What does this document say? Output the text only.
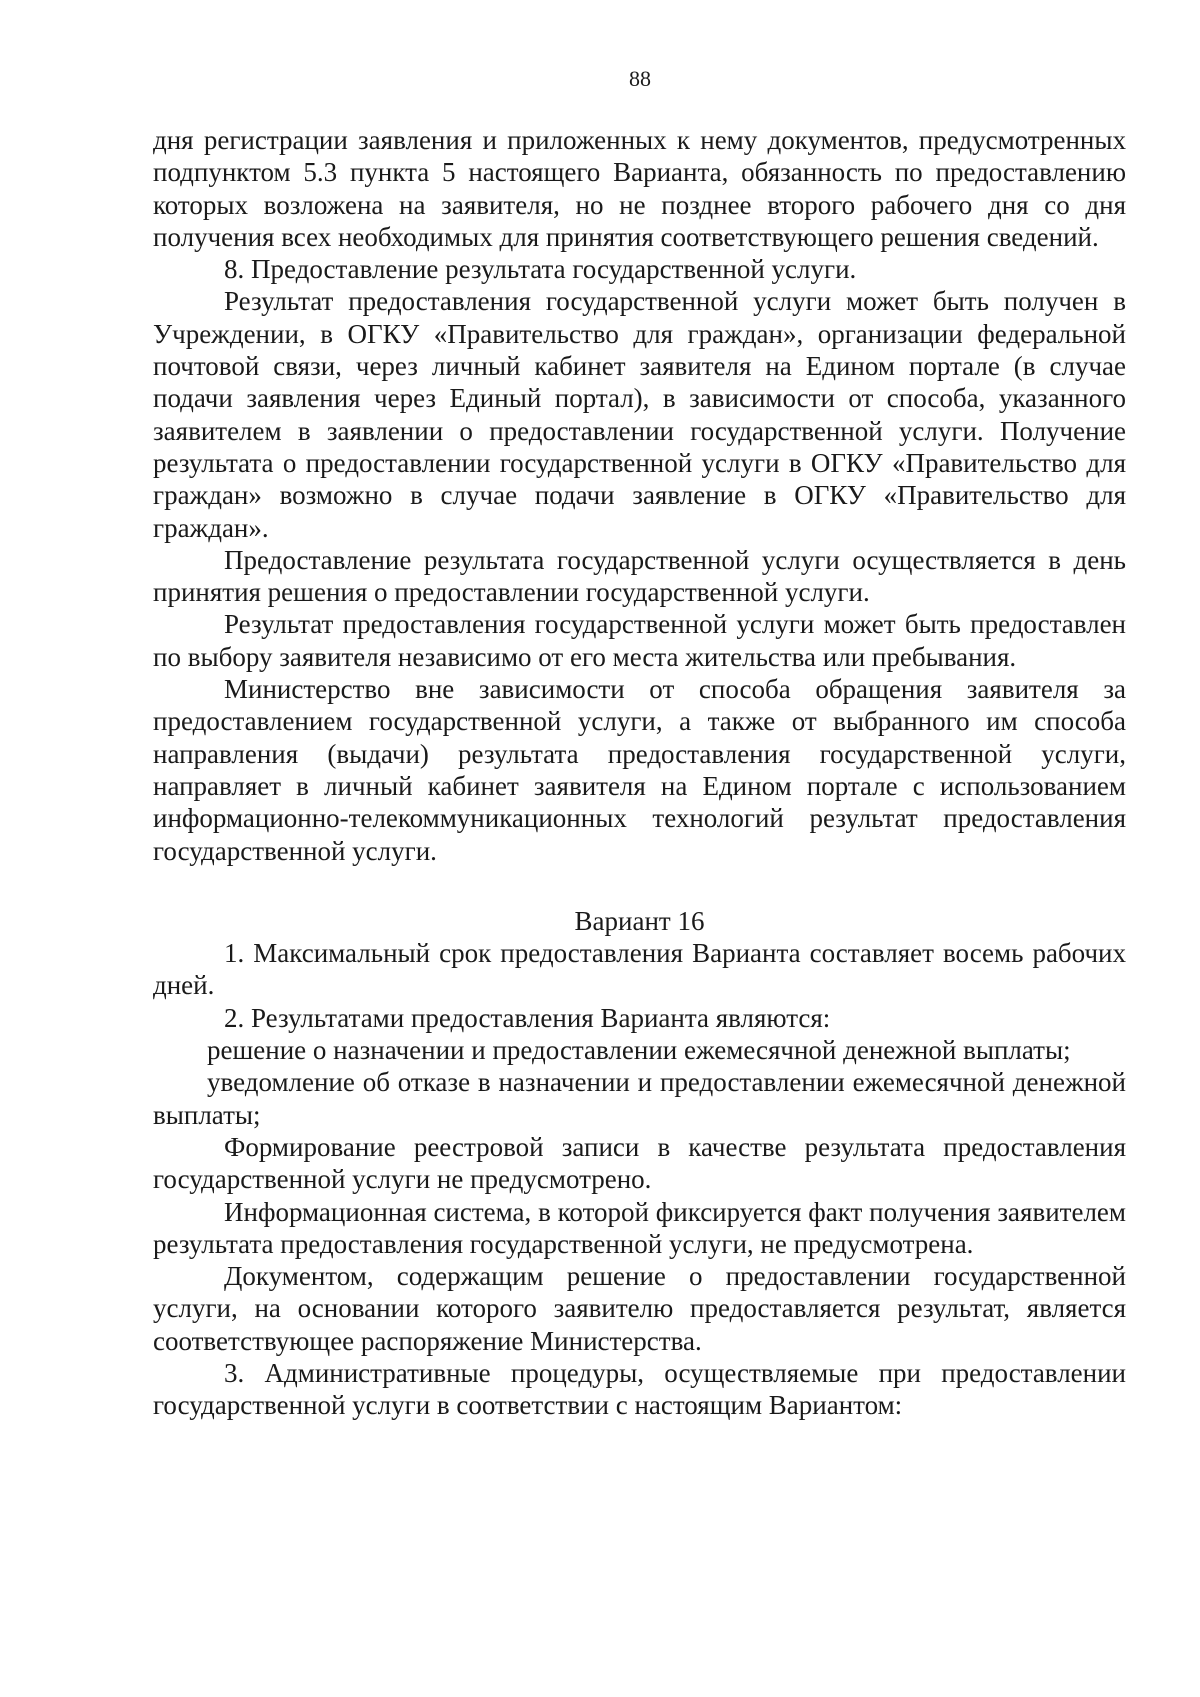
88

дня регистрации заявления и приложенных к нему документов, предусмотренных подпунктом 5.3 пункта 5 настоящего Варианта, обязанность по предоставлению которых возложена на заявителя, но не позднее второго рабочего дня со дня получения всех необходимых для принятия соответствующего решения сведений.

8. Предоставление результата государственной услуги.

Результат предоставления государственной услуги может быть получен в Учреждении, в ОГКУ «Правительство для граждан», организации федеральной почтовой связи, через личный кабинет заявителя на Едином портале (в случае подачи заявления через Единый портал), в зависимости от способа, указанного заявителем в заявлении о предоставлении государственной услуги. Получение результата о предоставлении государственной услуги в ОГКУ «Правительство для граждан» возможно в случае подачи заявление в ОГКУ «Правительство для граждан».

Предоставление результата государственной услуги осуществляется в день принятия решения о предоставлении государственной услуги.

Результат предоставления государственной услуги может быть предоставлен по выбору заявителя независимо от его места жительства или пребывания.

Министерство вне зависимости от способа обращения заявителя за предоставлением государственной услуги, а также от выбранного им способа направления (выдачи) результата предоставления государственной услуги, направляет в личный кабинет заявителя на Едином портале с использованием информационно-телекоммуникационных технологий результат предоставления государственной услуги.

Вариант 16

1. Максимальный срок предоставления Варианта составляет восемь рабочих дней.

2. Результатами предоставления Варианта являются:

решение о назначении и предоставлении ежемесячной денежной выплаты;

уведомление об отказе в назначении и предоставлении ежемесячной денежной выплаты;

Формирование реестровой записи в качестве результата предоставления государственной услуги не предусмотрено.

Информационная система, в которой фиксируется факт получения заявителем результата предоставления государственной услуги, не предусмотрена.

Документом, содержащим решение о предоставлении государственной услуги, на основании которого заявителю предоставляется результат, является соответствующее распоряжение Министерства.

3. Административные процедуры, осуществляемые при предоставлении государственной услуги в соответствии с настоящим Вариантом:
